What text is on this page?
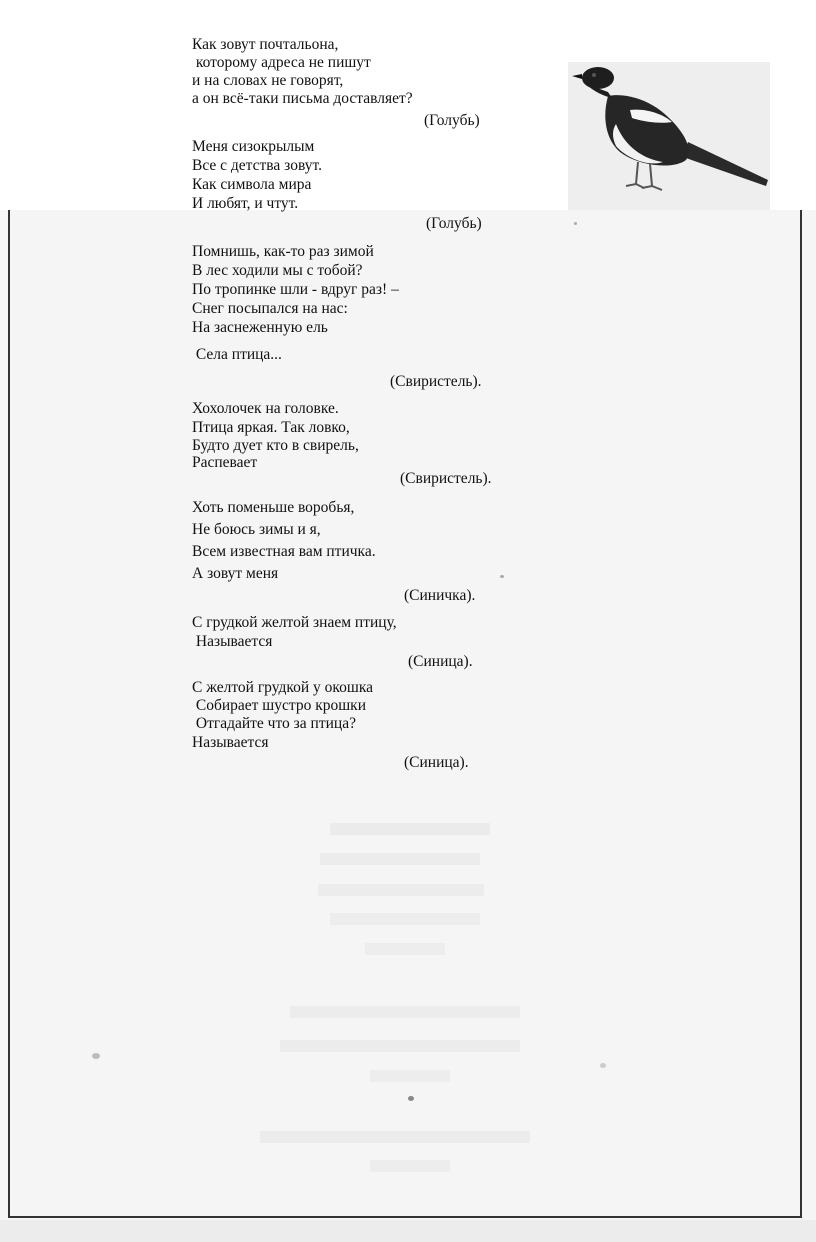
Как зовут почтальона,
которому адреса не пишут
и на словах не говорят,
а он всё-таки письма доставляет?
(Голубь)
Меня сизокрылым
Все с детства зовут.
Как символа мира
И любят, и чтут.
(Голубь)
Помнишь, как-то раз зимой
В лес ходили мы с тобой?
По тропинке шли - вдруг раз! –
Снег посыпался на нас:
На заснеженную ель
Села птица...
(Свиристель).
Хохолочек на головке.
Птица яркая. Так ловко,
Будто дует кто в свирель,
Распевает
(Свиристель).
Хоть поменьше воробья,
Не боюсь зимы и я,
Всем известная вам птичка.
А зовут меня
(Синичка).
С грудкой желтой знаем птицу,
Называется
(Синица).
С желтой грудкой у окошка
Собирает шустро крошки
Отгадайте что за птица?
Называется
(Синица).
